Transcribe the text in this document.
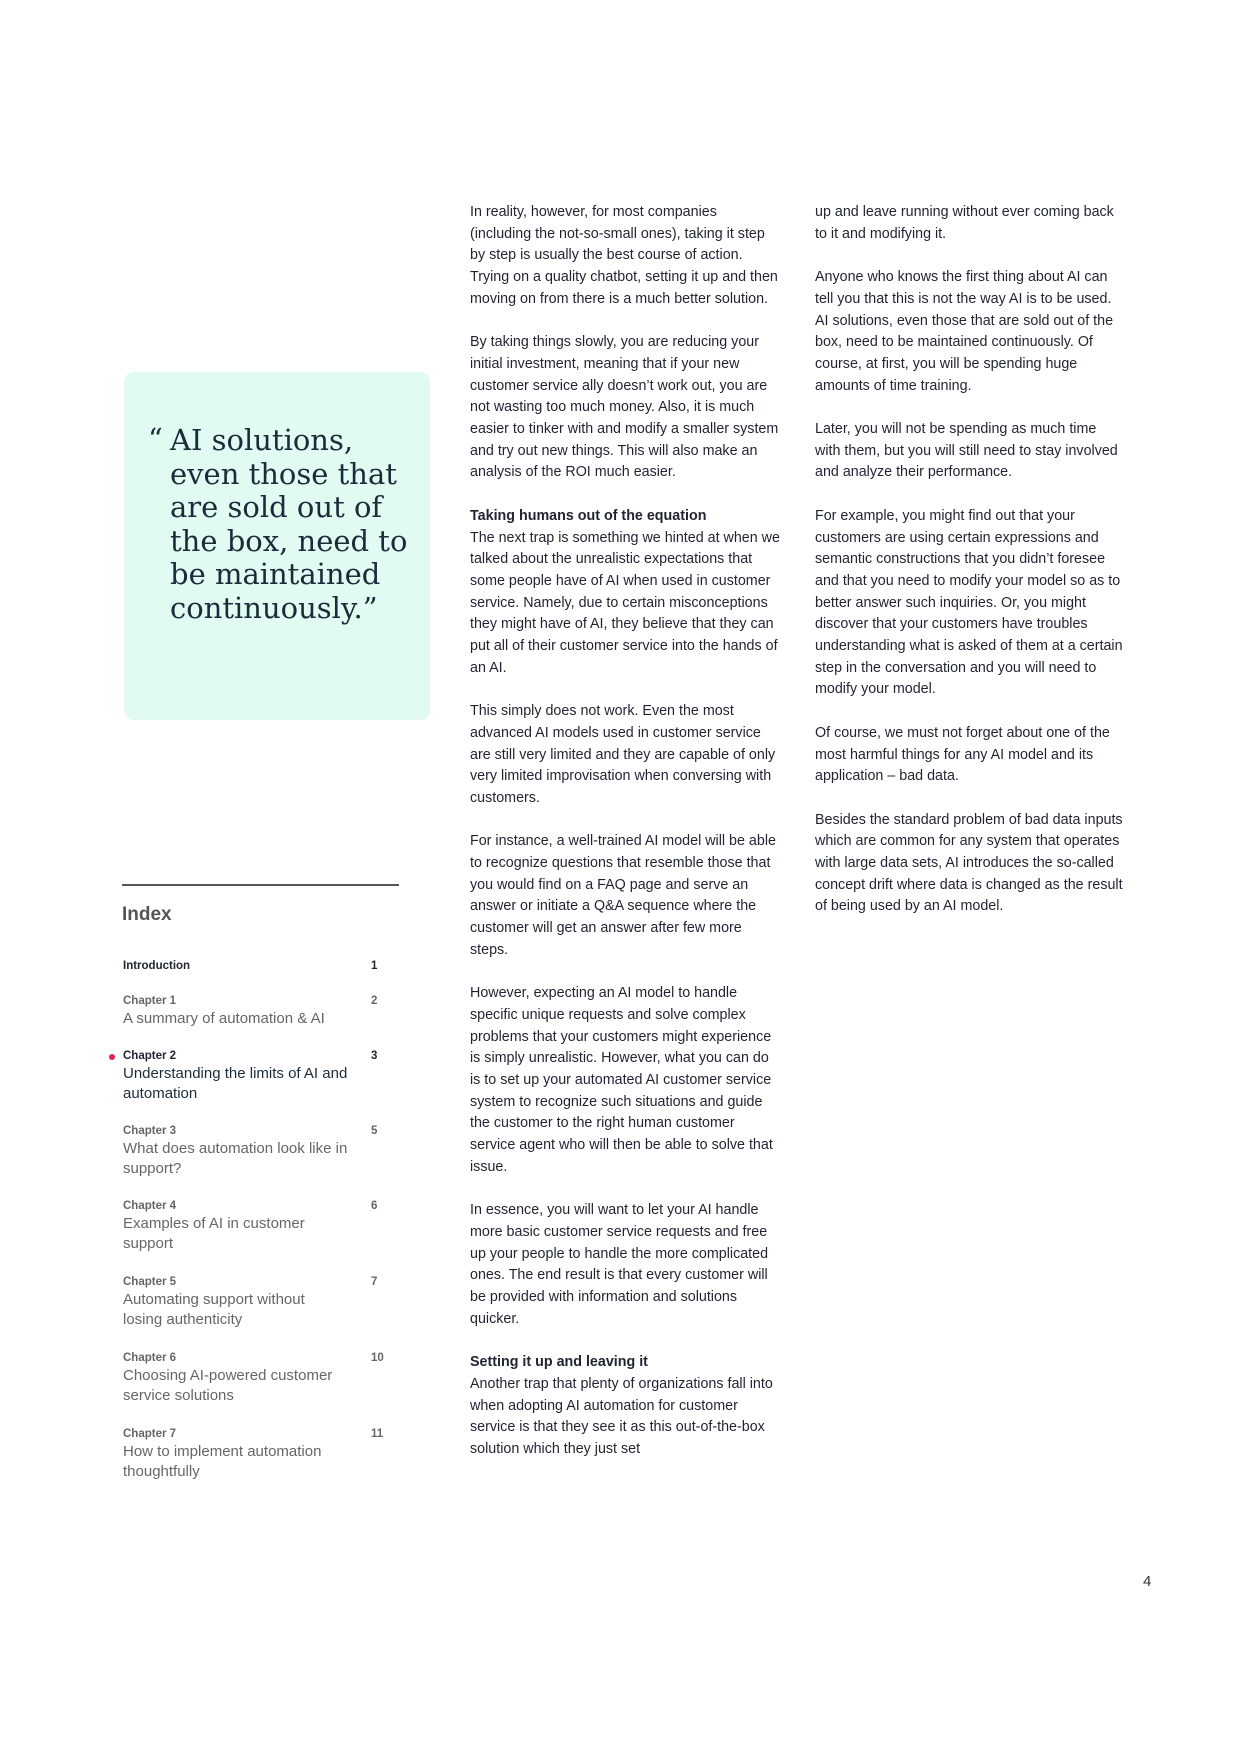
“ AI solutions, even those that are sold out of the box, need to be maintained continuously.”

Index
Introduction	1
Chapter 1
A summary of automation & AI
2
Chapter 2
Understanding the limits of AI and automation
3
Chapter 3
What does automation look like in support?
5
Chapter 4
Examples of AI in customer support
6
Chapter 5
Automating support without losing authenticity
7
Chapter 6
Choosing AI-powered customer service solutions
10
Chapter 7
How to implement automation thoughtfully
11

In reality, however, for most companies (including the not-so-small ones), taking it step by step is usually the best course of action. Trying on a quality chatbot, setting it up and then moving on from there is a much better solution.

By taking things slowly, you are reducing your initial investment, meaning that if your new customer service ally doesn’t work out, you are not wasting too much money. Also, it is much easier to tinker with and modify a smaller system and try out new things. This will also make an analysis of the ROI much easier.

Taking humans out of the equation

The next trap is something we hinted at when we talked about the unrealistic expectations that some people have of AI when used in customer service. Namely, due to certain misconceptions they might have of AI, they believe that they can put all of their customer service into the hands of an AI.

This simply does not work. Even the most advanced AI models used in customer service are still very limited and they are capable of only very limited improvisation when conversing with customers.

For instance, a well-trained AI model will be able to recognize questions that resemble those that you would find on a FAQ page and serve an answer or initiate a Q&A sequence where the customer will get an answer after few more steps.

However, expecting an AI model to handle specific unique requests and solve complex problems that your customers might experience is simply unrealistic. However, what you can do is to set up your automated AI customer service system to recognize such situations and guide the customer to the right human customer service agent who will then be able to solve that issue.

In essence, you will want to let your AI handle more basic customer service requests and free up your people to handle the more complicated ones. The end result is that every customer will be provided with information and solutions quicker.

Setting it up and leaving it

Another trap that plenty of organizations fall into when adopting AI automation for customer service is that they see it as this out-of-the-box solution which they just set

up and leave running without ever coming back to it and modifying it.

Anyone who knows the first thing about AI can tell you that this is not the way AI is to be used. AI solutions, even those that are sold out of the box, need to be maintained continuously. Of course, at first, you will be spending huge amounts of time training.

Later, you will not be spending as much time with them, but you will still need to stay involved and analyze their performance.

For example, you might find out that your customers are using certain expressions and semantic constructions that you didn’t foresee and that you need to modify your model so as to better answer such inquiries. Or, you might discover that your customers have troubles understanding what is asked of them at a certain step in the conversation and you will need to modify your model.

Of course, we must not forget about one of the most harmful things for any AI model and its application – bad data.

Besides the standard problem of bad data inputs which are common for any system that operates with large data sets, AI introduces the so-called concept drift where data is changed as the result of being used by an AI model.

4
